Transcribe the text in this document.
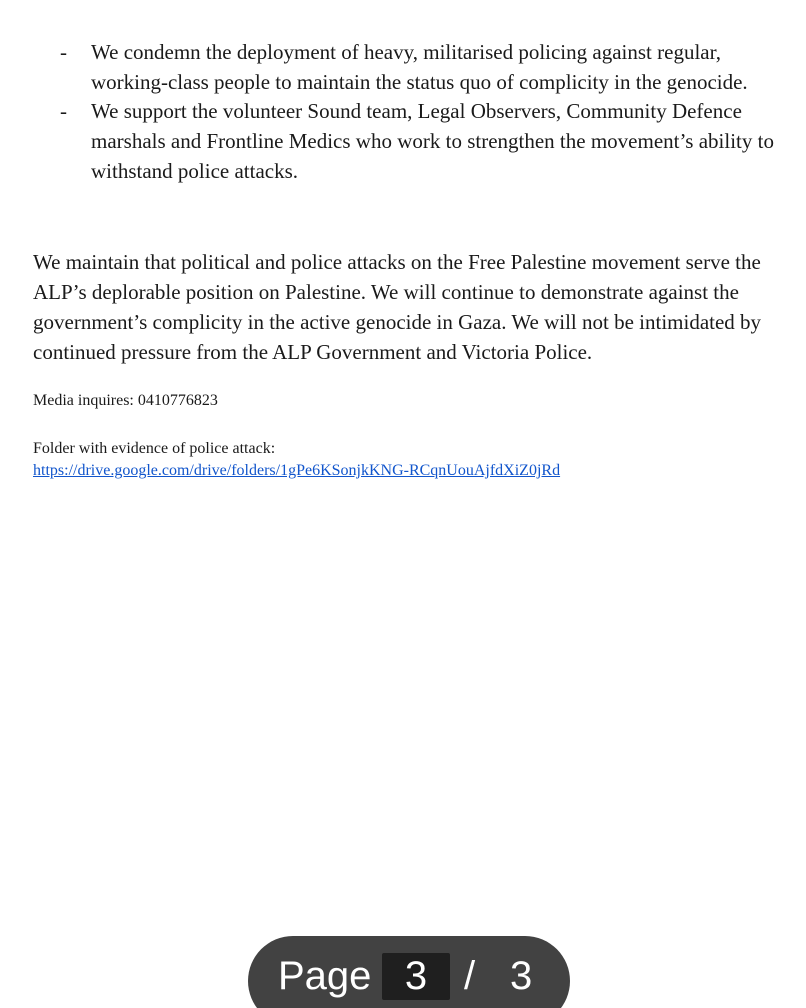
- We condemn the deployment of heavy, militarised policing against regular, working-class people to maintain the status quo of complicity in the genocide.
- We support the volunteer Sound team, Legal Observers, Community Defence marshals and Frontline Medics who work to strengthen the movement’s ability to withstand police attacks.

We maintain that political and police attacks on the Free Palestine movement serve the ALP’s deplorable position on Palestine. We will continue to demonstrate against the government’s complicity in the active genocide in Gaza. We will not be intimidated by continued pressure from the ALP Government and Victoria Police.

Media inquires: 0410776823

Folder with evidence of police attack:
https://drive.google.com/drive/folders/1gPe6KSonjkKNG-RCqnUouAjfdXiZ0jRd
Page 3 / 3
